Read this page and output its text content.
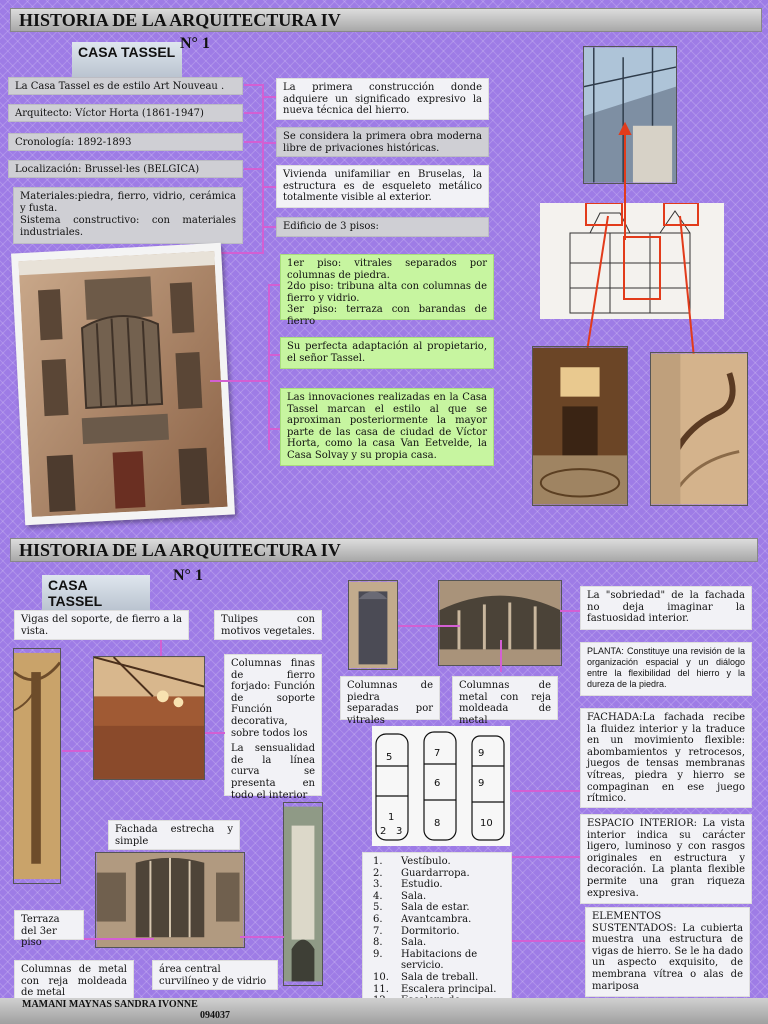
HISTORIA DE LA ARQUITECTURA IV
CASA TASSEL N° 1
La Casa Tassel es de estilo Art Nouveau .
Arquitecto: Víctor Horta (1861-1947)
Cronología: 1892-1893
Localización: Brussel·les (BELGICA)
Materiales:piedra, fierro, vidrio, cerámica y fusta.
Sistema constructivo: con materiales industriales.
La primera construcción donde adquiere un significado expresivo la nueva técnica del hierro.
Se considera la primera obra moderna libre de privaciones históricas.
Vivienda unifamiliar en Bruselas, la estructura es de esqueleto metálico totalmente visible al exterior.
Edificio de 3 pisos:
1er piso: vitrales separados por columnas de piedra.
2do piso: tribuna alta con columnas de fierro y vidrio.
3er piso: terraza con barandas de fierro
Su perfecta adaptación al propietario, el señor Tassel.
Las innovaciones realizadas en la Casa Tassel marcan el estilo al que se aproximan posteriormente la mayor parte de las casa de ciudad de Víctor Horta, como la casa Van Eetvelde, la Casa Solvay y su propia casa.
HISTORIA DE LA ARQUITECTURA IV
CASA TASSEL
N° 1
Vigas del soporte, de fierro a la vista.
Tulipes con motivos vegetales.
Columnas finas de fierro forjado: Función de soporte Función decorativa, sobre todos los
La sensualidad de la línea curva se presenta en todo el interior
Columnas de piedra separadas por vitrales
Columnas de metal con reja moldeada de metal
La "sobriedad" de la fachada no deja imaginar la fastuosidad interior.
PLANTA: Constituye una revisión de la organización espacial y un diálogo entre la flexibilidad del hierro y la dureza de la piedra.
FACHADA:La fachada recibe la fluidez interior y la traduce en un movimiento flexible: abombamientos y retrocesos, juegos de tensas membranas vítreas, piedra y hierro se compaginan en ese juego rítmico.
ESPACIO INTERIOR: La vista interior indica su carácter ligero, luminoso y con rasgos originales en estructura y decoración. La planta flexible permite una gran riqueza expresiva.
ELEMENTOS SUSTENTADOS: La cubierta muestra una estructura de vigas de hierro. Se le ha dado un aspecto exquisito, de membrana vítrea o alas de mariposa
5
1
2 3
7
6
8
9
9
10
1.	Vestíbulo.
2.	Guardarropa.
3.	Estudio.
4.	Sala.
5.	Sala de estar.
6.	Avantcambra.
7.	Dormitorio.
8.	Sala.
9.	Habitacions de servicio.
10.	Sala de treball.
11.	Escalera principal.
Fachada estrecha y simple
Terraza del 3er piso
Columnas de metal con reja moldeada de metal
área central curvilíneo y de vidrio
MAMANI MAYNAS SANDRA IVONNE
094037
